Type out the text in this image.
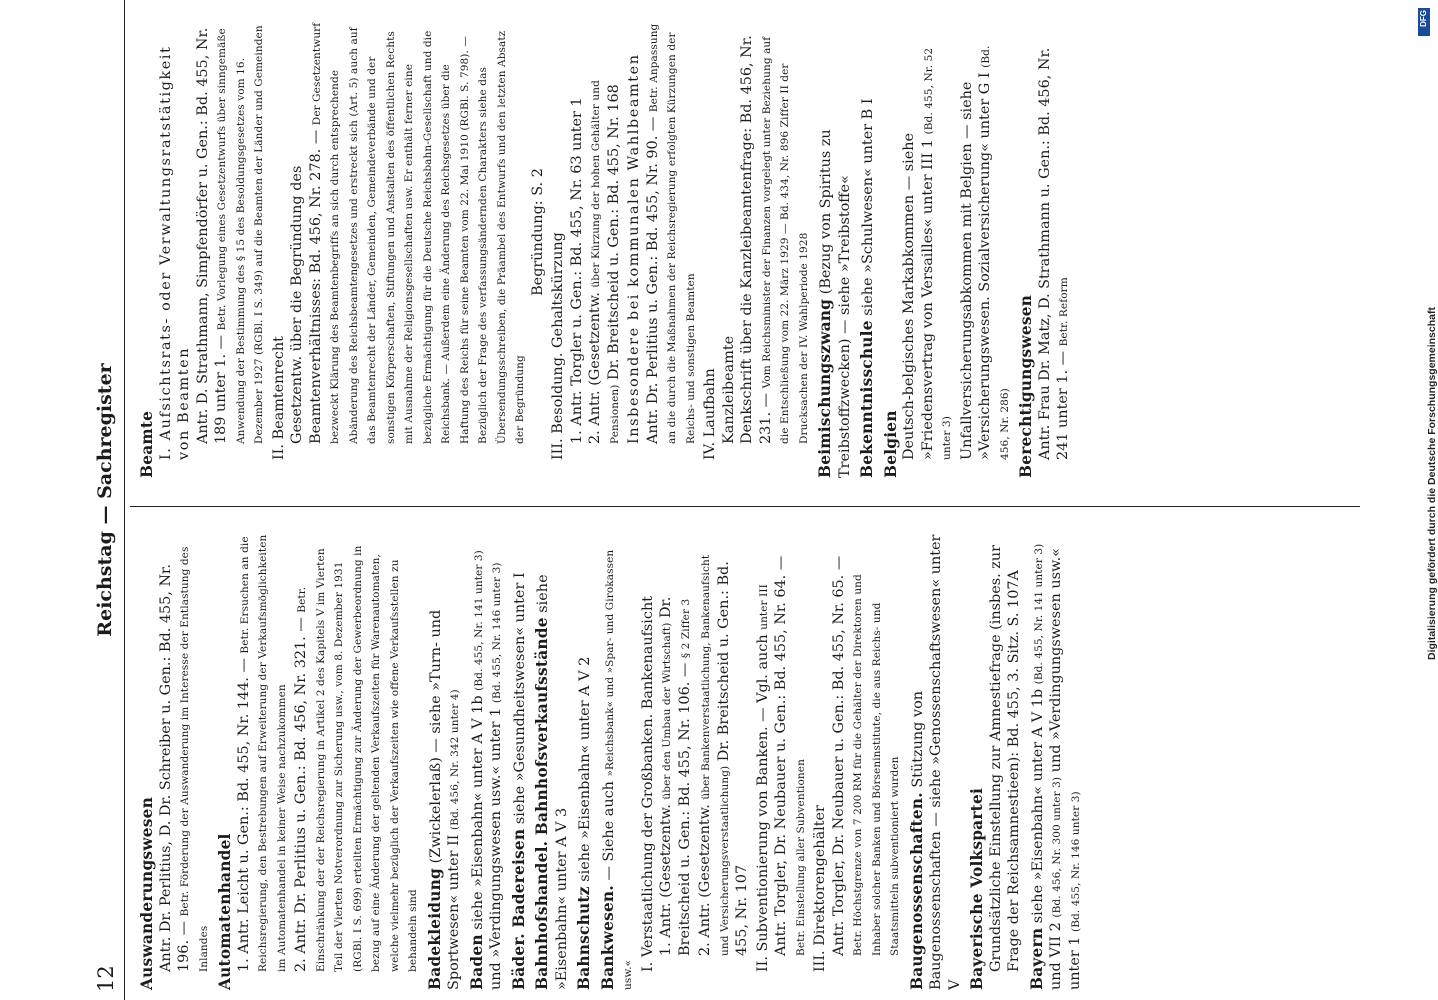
12
Reichstag — Sachregister

Auswanderungswesen Antr. Dr. Perlitius, D. Dr. Schreiber u. Gen.: Bd. 455, Nr. 196. — Betr. Förderung der Auswanderung im Interesse der Entlastung des Inlandes Automatenhandel 1. Antr. Leicht u. Gen.: Bd. 455, Nr. 144. — Betr. Ersuchen an die Reichsregierung, den Bestrebungen auf Erweiterung der Verkaufsmöglichkeiten im Automatenhandel in keiner Weise nachzukommen 2. Antr. Dr. Perlitius u. Gen.: Bd. 456, Nr. 321. — Betr. Einschränkung der der Reichsregierung in Artikel 2 des Kapitels V im Vierten Teil der Vierten Notverordnung zur Sicherung usw., vom 8. Dezember 1931 (RGBl. I S. 699) erteilten Ermächtigung zur Änderung der Gewerbeordnung in bezug auf eine Änderung der geltenden Verkaufszeiten für Warenautomaten, welche vielmehr bezüglich der Verkaufszeiten wie offene Verkaufsstellen zu behandeln sind Badekleidung (Zwickelerlaß) — siehe »Turn- und Sportwesen« unter II (Bd. 456, Nr. 342 unter 4)

Baden siehe »Eisenbahn« unter A V 1b (Bd. 455, Nr. 141 unter 3) und »Verdingungswesen usw.« unter 1 (Bd. 455, Nr. 146 unter 3)

Bäder. Badereisen siehe »Gesundheitswesen« unter I Bahnhofshandel. Bahnhofsverkaufsstände siehe »Eisenbahn« unter A V 3 Bahnschutz siehe »Eisenbahn« unter A V 2

Bankwesen. — Siehe auch »Reichsbank« und »Spar- und Girokassen usw.«

I. Verstaatlichung der Großbanken. Bankenaufsicht 1. Antr. (Gesetzentw. über den Umbau der Wirtschaft) Dr. Breitscheid u. Gen.: Bd. 455, Nr. 106. — § 2 Ziffer 3

2. Antr. (Gesetzentw. über Bankenverstaatlichung, Bankenaufsicht und Versicherungsverstaatlichung) Dr. Breitscheid u. Gen.: Bd. 455, Nr. 107 II. Subventionierung von Banken. — Vgl. auch unter III Antr. Torgler, Dr. Neubauer u. Gen.: Bd. 455, Nr. 64. — Betr. Einstellung aller Subventionen III. Direktorengehälter Antr. Torgler, Dr. Neubauer u. Gen.: Bd. 455, Nr. 65. — Betr. Höchstgrenze von 7 200 RM für die Gehälter der Direktoren und Inhaber solcher Banken und Börseninstitute, die aus Reichs- und Staatsmitteln subventioniert wurden Baugenossenschaften. Stützung von Baugenossenschaften — siehe »Genossenschaftswesen« unter V Bayerische Volkspartei Grundsätzliche Einstellung zur Amnestiefrage (insbes. zur Frage der Reichsamnestieen): Bd. 455, 3. Sitz. S. 107A Bayern siehe »Eisenbahn« unter A V 1b (Bd. 455, Nr. 141 unter 3) und VII 2 (Bd. 456, Nr. 300 unter 3) und »Verdingungswesen usw.« unter 1 (Bd. 455, Nr. 146 unter 3)

Beamte I. Aufsichtsrats- oder Verwaltungsratstätigkeit von Beamten Antr. D. Strathmann, Simpfendörfer u. Gen.: Bd. 455, Nr. 189 unter 1. — Betr. Vorlegung eines Gesetzentwurfs über sinngemäße Anwendung der Bestimmung des § 15 des Besoldungsgesetzes vom 16. Dezember 1927 (RGBl. I S. 349) auf die Beamten der Länder und Gemeinden II. Beamtenrecht Gesetzentw. über die Begründung des Beamtenverhältnisses: Bd. 456, Nr. 278. — Der Gesetzentwurf bezweckt Klärung des Beamtenbegriffs an sich durch entsprechende Abänderung des Reichsbeamtengesetzes und erstreckt sich (Art. 5) auch auf das Beamtenrecht der Länder, Gemeinden, Gemeindeverbände und der sonstigen Körperschaften, Stiftungen und Anstalten des öffentlichen Rechts mit Ausnahme der Religionsgesellschaften usw. Er enthält ferner eine bezügliche Ermächtigung für die Deutsche Reichsbahn-Gesellschaft und die Reichsbank. — Außerdem eine Änderung des Reichsgesetzes über die Haftung des Reichs für seine Beamten vom 22. Mai 1910 (RGBl. S. 798). — Bezüglich der Frage des verfassungsändernden Charakters siehe das Übersendungsschreiben, die Präambel des Entwurfs und den letzten Absatz der Begründung

Begründung: S. 2

III. Besoldung. Gehaltskürzung 1. Antr. Torgler u. Gen.: Bd. 455, Nr. 63 unter 1 2. Antr. (Gesetzentw. über Kürzung der hohen Gehälter und Pensionen) Dr. Breitscheid u. Gen.: Bd. 455, Nr. 168 Insbesondere bei kommunalen Wahlbeamten Antr. Dr. Perlitius u. Gen.: Bd. 455, Nr. 90. — Betr. Anpassung an die durch die Maßnahmen der Reichsregierung erfolgten Kürzungen der Reichs- und sonstigen Beamten IV. Laufbahn Kanzleibeamte Denkschrift über die Kanzleibeamtenfrage: Bd. 456, Nr. 231. — Vom Reichsminister der Finanzen vorgelegt unter Beziehung auf die Entschließung vom 22. März 1929 — Bd. 434, Nr. 896 Ziffer II der Drucksachen der IV. Wahlperiode 1928 Beimischungszwang (Bezug von Spiritus zu Treibstoffzwecken) — siehe »Treibstoffe« Bekenntnisschule siehe »Schulwesen« unter B I

Belgien Deutsch-belgisches Markabkommen — siehe »Friedensvertrag von Versailles« unter III 1 (Bd. 455, Nr. 52 unter 3) Unfallversicherungsabkommen mit Belgien — siehe »Versicherungswesen. Sozialversicherung« unter G I (Bd. 456, Nr. 286) Berechtigungswesen Antr. Frau Dr. Matz, D. Strathmann u. Gen.: Bd. 456, Nr. 241 unter 1. — Betr. Reform

DFG
Digitalisierung gefördert durch die Deutsche Forschungsgemeinschaft
